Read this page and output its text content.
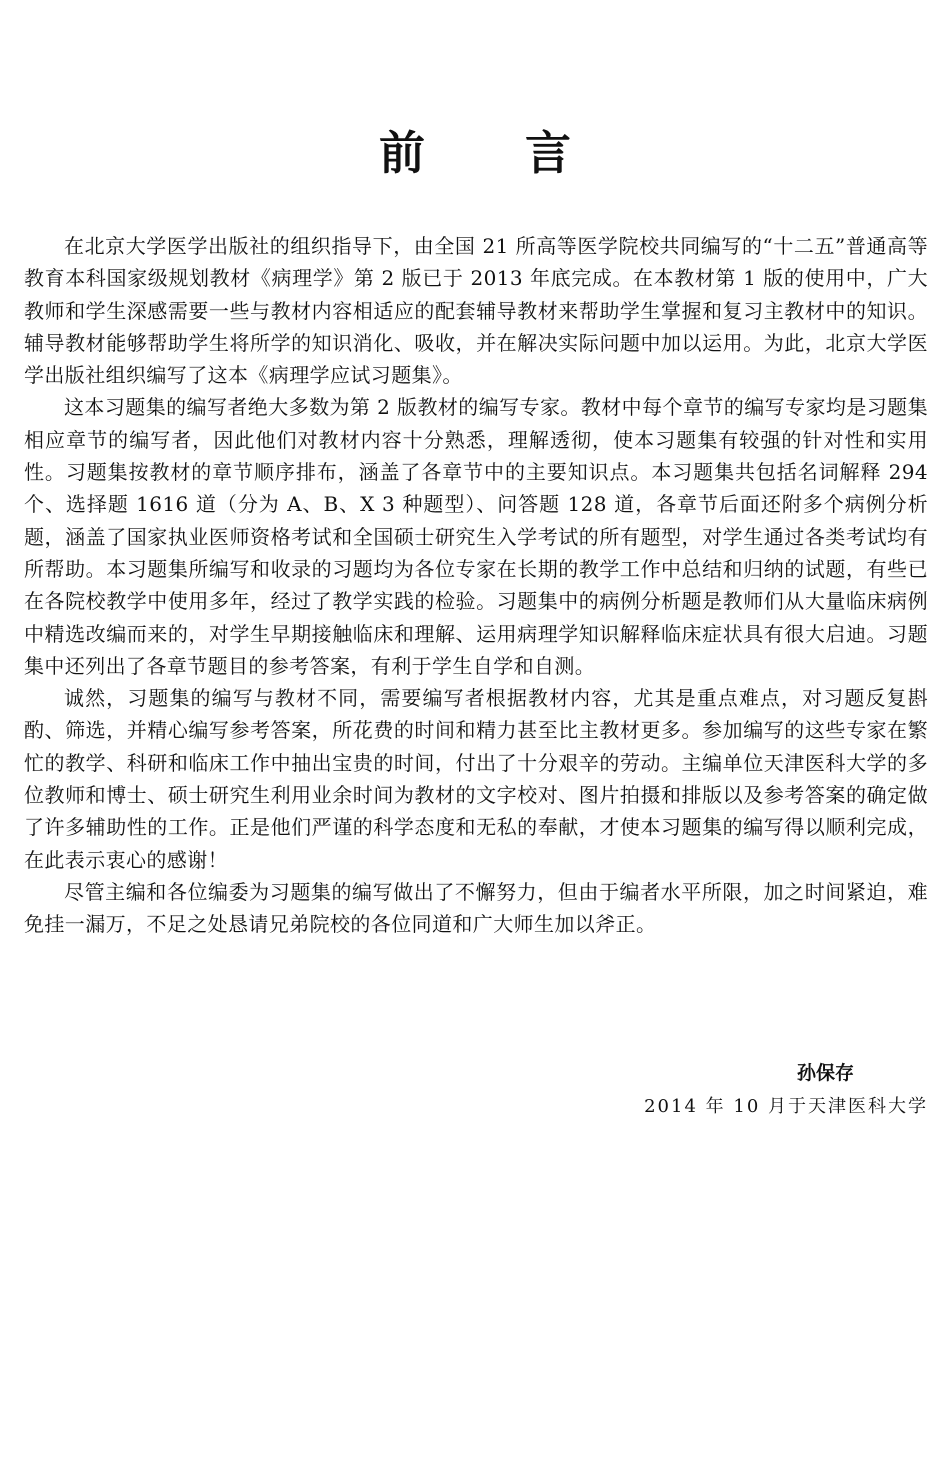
前言

在北京大学医学出版社的组织指导下，由全国 21 所高等医学院校共同编写的“十二五”普通高等教育本科国家级规划教材《病理学》第 2 版已于 2013 年底完成。在本教材第 1 版的使用中，广大教师和学生深感需要一些与教材内容相适应的配套辅导教材来帮助学生掌握和复习主教材中的知识。辅导教材能够帮助学生将所学的知识消化、吸收，并在解决实际问题中加以运用。为此，北京大学医学出版社组织编写了这本《病理学应试习题集》。

这本习题集的编写者绝大多数为第 2 版教材的编写专家。教材中每个章节的编写专家均是习题集相应章节的编写者，因此他们对教材内容十分熟悉，理解透彻，使本习题集有较强的针对性和实用性。习题集按教材的章节顺序排布，涵盖了各章节中的主要知识点。本习题集共包括名词解释 294 个、选择题 1616 道（分为 A、B、X 3 种题型）、问答题 128 道，各章节后面还附多个病例分析题，涵盖了国家执业医师资格考试和全国硕士研究生入学考试的所有题型，对学生通过各类考试均有所帮助。本习题集所编写和收录的习题均为各位专家在长期的教学工作中总结和归纳的试题，有些已在各院校教学中使用多年，经过了教学实践的检验。习题集中的病例分析题是教师们从大量临床病例中精选改编而来的，对学生早期接触临床和理解、运用病理学知识解释临床症状具有很大启迪。习题集中还列出了各章节题目的参考答案，有利于学生自学和自测。

诚然，习题集的编写与教材不同，需要编写者根据教材内容，尤其是重点难点，对习题反复斟酌、筛选，并精心编写参考答案，所花费的时间和精力甚至比主教材更多。参加编写的这些专家在繁忙的教学、科研和临床工作中抽出宝贵的时间，付出了十分艰辛的劳动。主编单位天津医科大学的多位教师和博士、硕士研究生利用业余时间为教材的文字校对、图片拍摄和排版以及参考答案的确定做了许多辅助性的工作。正是他们严谨的科学态度和无私的奉献，才使本习题集的编写得以顺利完成，在此表示衷心的感谢！

尽管主编和各位编委为习题集的编写做出了不懈努力，但由于编者水平所限，加之时间紧迫，难免挂一漏万，不足之处恳请兄弟院校的各位同道和广大师生加以斧正。

孙保存
2014 年 10 月于天津医科大学
